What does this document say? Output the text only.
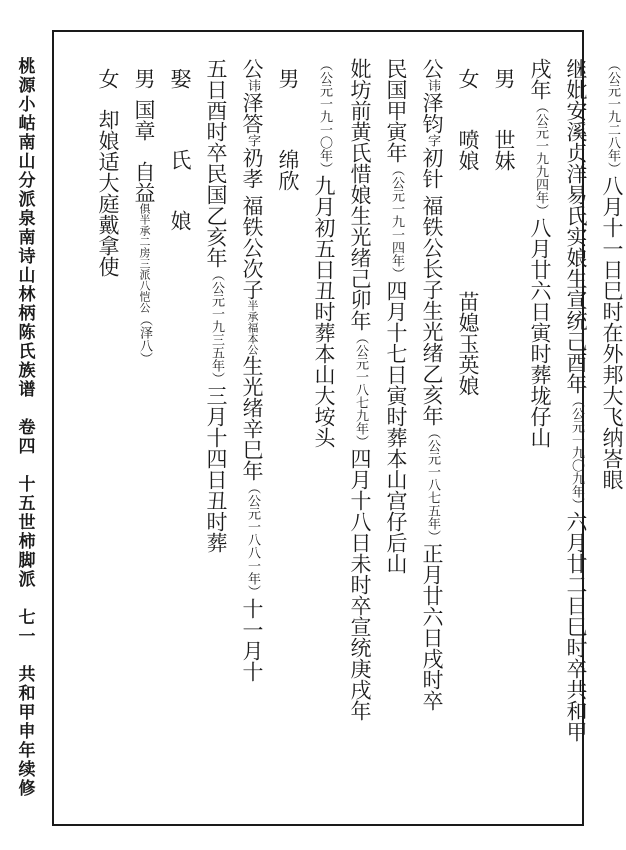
桃源小岵南山分派泉南诗山林柄陈氏族谱
卷四
十五世
柿脚派
七一
共和甲申年续修
（公元一九二八年）八月十一日巳时在外邦大飞纳峇眼
继妣安溪贞洋易氏实娘生宣统己酉年（公元一九〇九年）六月廿二日巳时卒共和甲
戌年（公元一九九四年）八月廿六日寅时葬垅仔山
男世妹
女喷娘苗媳玉英娘
公讳泽钧字初针福铁公长子生光绪乙亥年（公元一八七五年）正月廿六日戌时卒
民国甲寅年（公元一九一四年）四月十七日寅时葬本山宫仔后山
妣坊前黄氏惜娘生光绪己卯年（公元一八七九年）四月十八日未时卒宣统庚戌年
（公元一九一〇年）九月初五日丑时葬本山大垵头
男绵欣
公讳泽答字礽孝福铁公次子半承福本公生光绪辛巳年（公元一八八一年）十一月十
五日酉时卒民国乙亥年（公元一九三五年）三月十四日丑时葬
娶氏娘
男国章自益俱半承二房三派八恺公（泽八）
女却娘适大庭戴拿使
